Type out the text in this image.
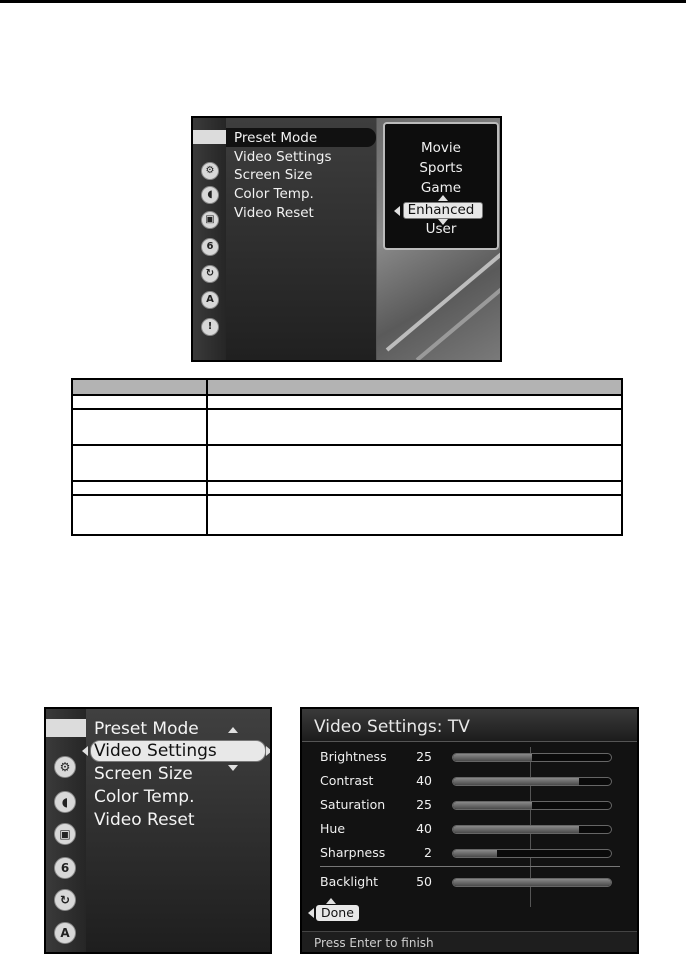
⚙
◖
▣
6
↻
A
!
Preset Mode
Video Settings
Screen Size
Color Temp.
Video Reset
Movie
Sports
Game
Enhanced
User

⚙
◖
▣
6
↻
A
Preset Mode
Video Settings
Screen Size
Color Temp.
Video Reset
Video Settings: TV
Brightness	25
Contrast	40
Saturation	25
Hue	40
Sharpness	2
Backlight	50
Done
Press Enter to finish
